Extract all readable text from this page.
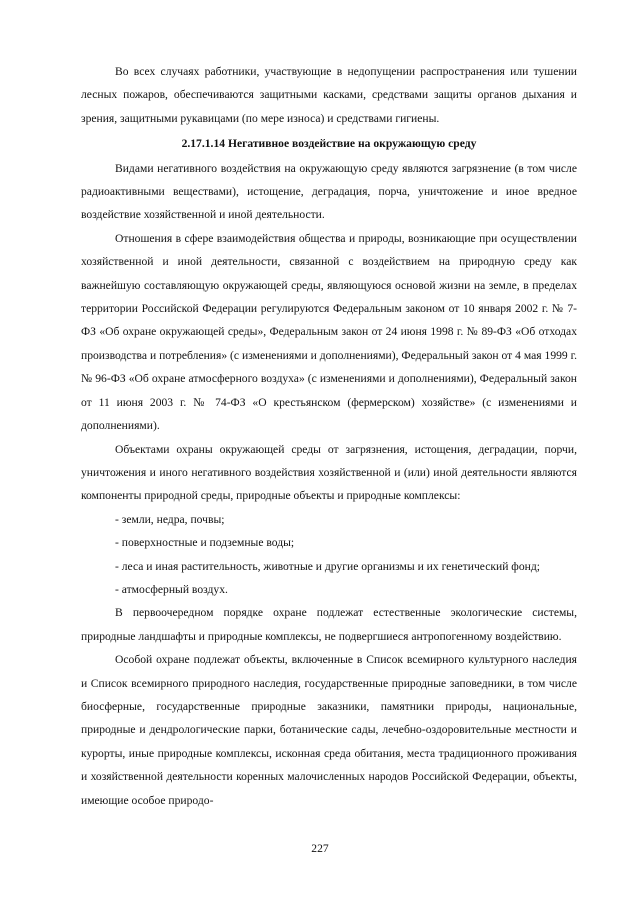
Во всех случаях работники, участвующие в недопущении распространения или тушении лесных пожаров, обеспечиваются защитными касками, средствами защиты органов дыхания и зрения, защитными рукавицами (по мере износа) и средствами гигиены.

2.17.1.14 Негативное воздействие на окружающую среду

Видами негативного воздействия на окружающую среду являются загрязнение (в том числе радиоактивными веществами), истощение, деградация, порча, уничтожение и иное вредное воздействие хозяйственной и иной деятельности.

Отношения в сфере взаимодействия общества и природы, возникающие при осуществлении хозяйственной и иной деятельности, связанной с воздействием на природную среду как важнейшую составляющую окружающей среды, являющуюся основой жизни на земле, в пределах территории Российской Федерации регулируются Федеральным законом от 10 января 2002 г. № 7-ФЗ «Об охране окружающей среды», Федеральным закон от 24 июня 1998 г. № 89-ФЗ «Об отходах производства и потребления» (с изменениями и дополнениями), Федеральный закон от 4 мая 1999 г. № 96-ФЗ «Об охране атмосферного воздуха» (с изменениями и дополнениями), Федеральный закон от 11 июня 2003 г. № 74-ФЗ «О крестьянском (фермерском) хозяйстве» (с изменениями и дополнениями).

Объектами охраны окружающей среды от загрязнения, истощения, деградации, порчи, уничтожения и иного негативного воздействия хозяйственной и (или) иной деятельности являются компоненты природной среды, природные объекты и природные комплексы:

- земли, недра, почвы;

- поверхностные и подземные воды;

- леса и иная растительность, животные и другие организмы и их генетический фонд;

- атмосферный воздух.

В первоочередном порядке охране подлежат естественные экологические системы, природные ландшафты и природные комплексы, не подвергшиеся антропогенному воздействию.

Особой охране подлежат объекты, включенные в Список всемирного культурного наследия и Список всемирного природного наследия, государственные природные заповедники, в том числе биосферные, государственные природные заказники, памятники природы, национальные, природные и дендрологические парки, ботанические сады, лечебно-оздоровительные местности и курорты, иные природные комплексы, исконная среда обитания, места традиционного проживания и хозяйственной деятельности коренных малочисленных народов Российской Федерации, объекты, имеющие особое природо-

227
